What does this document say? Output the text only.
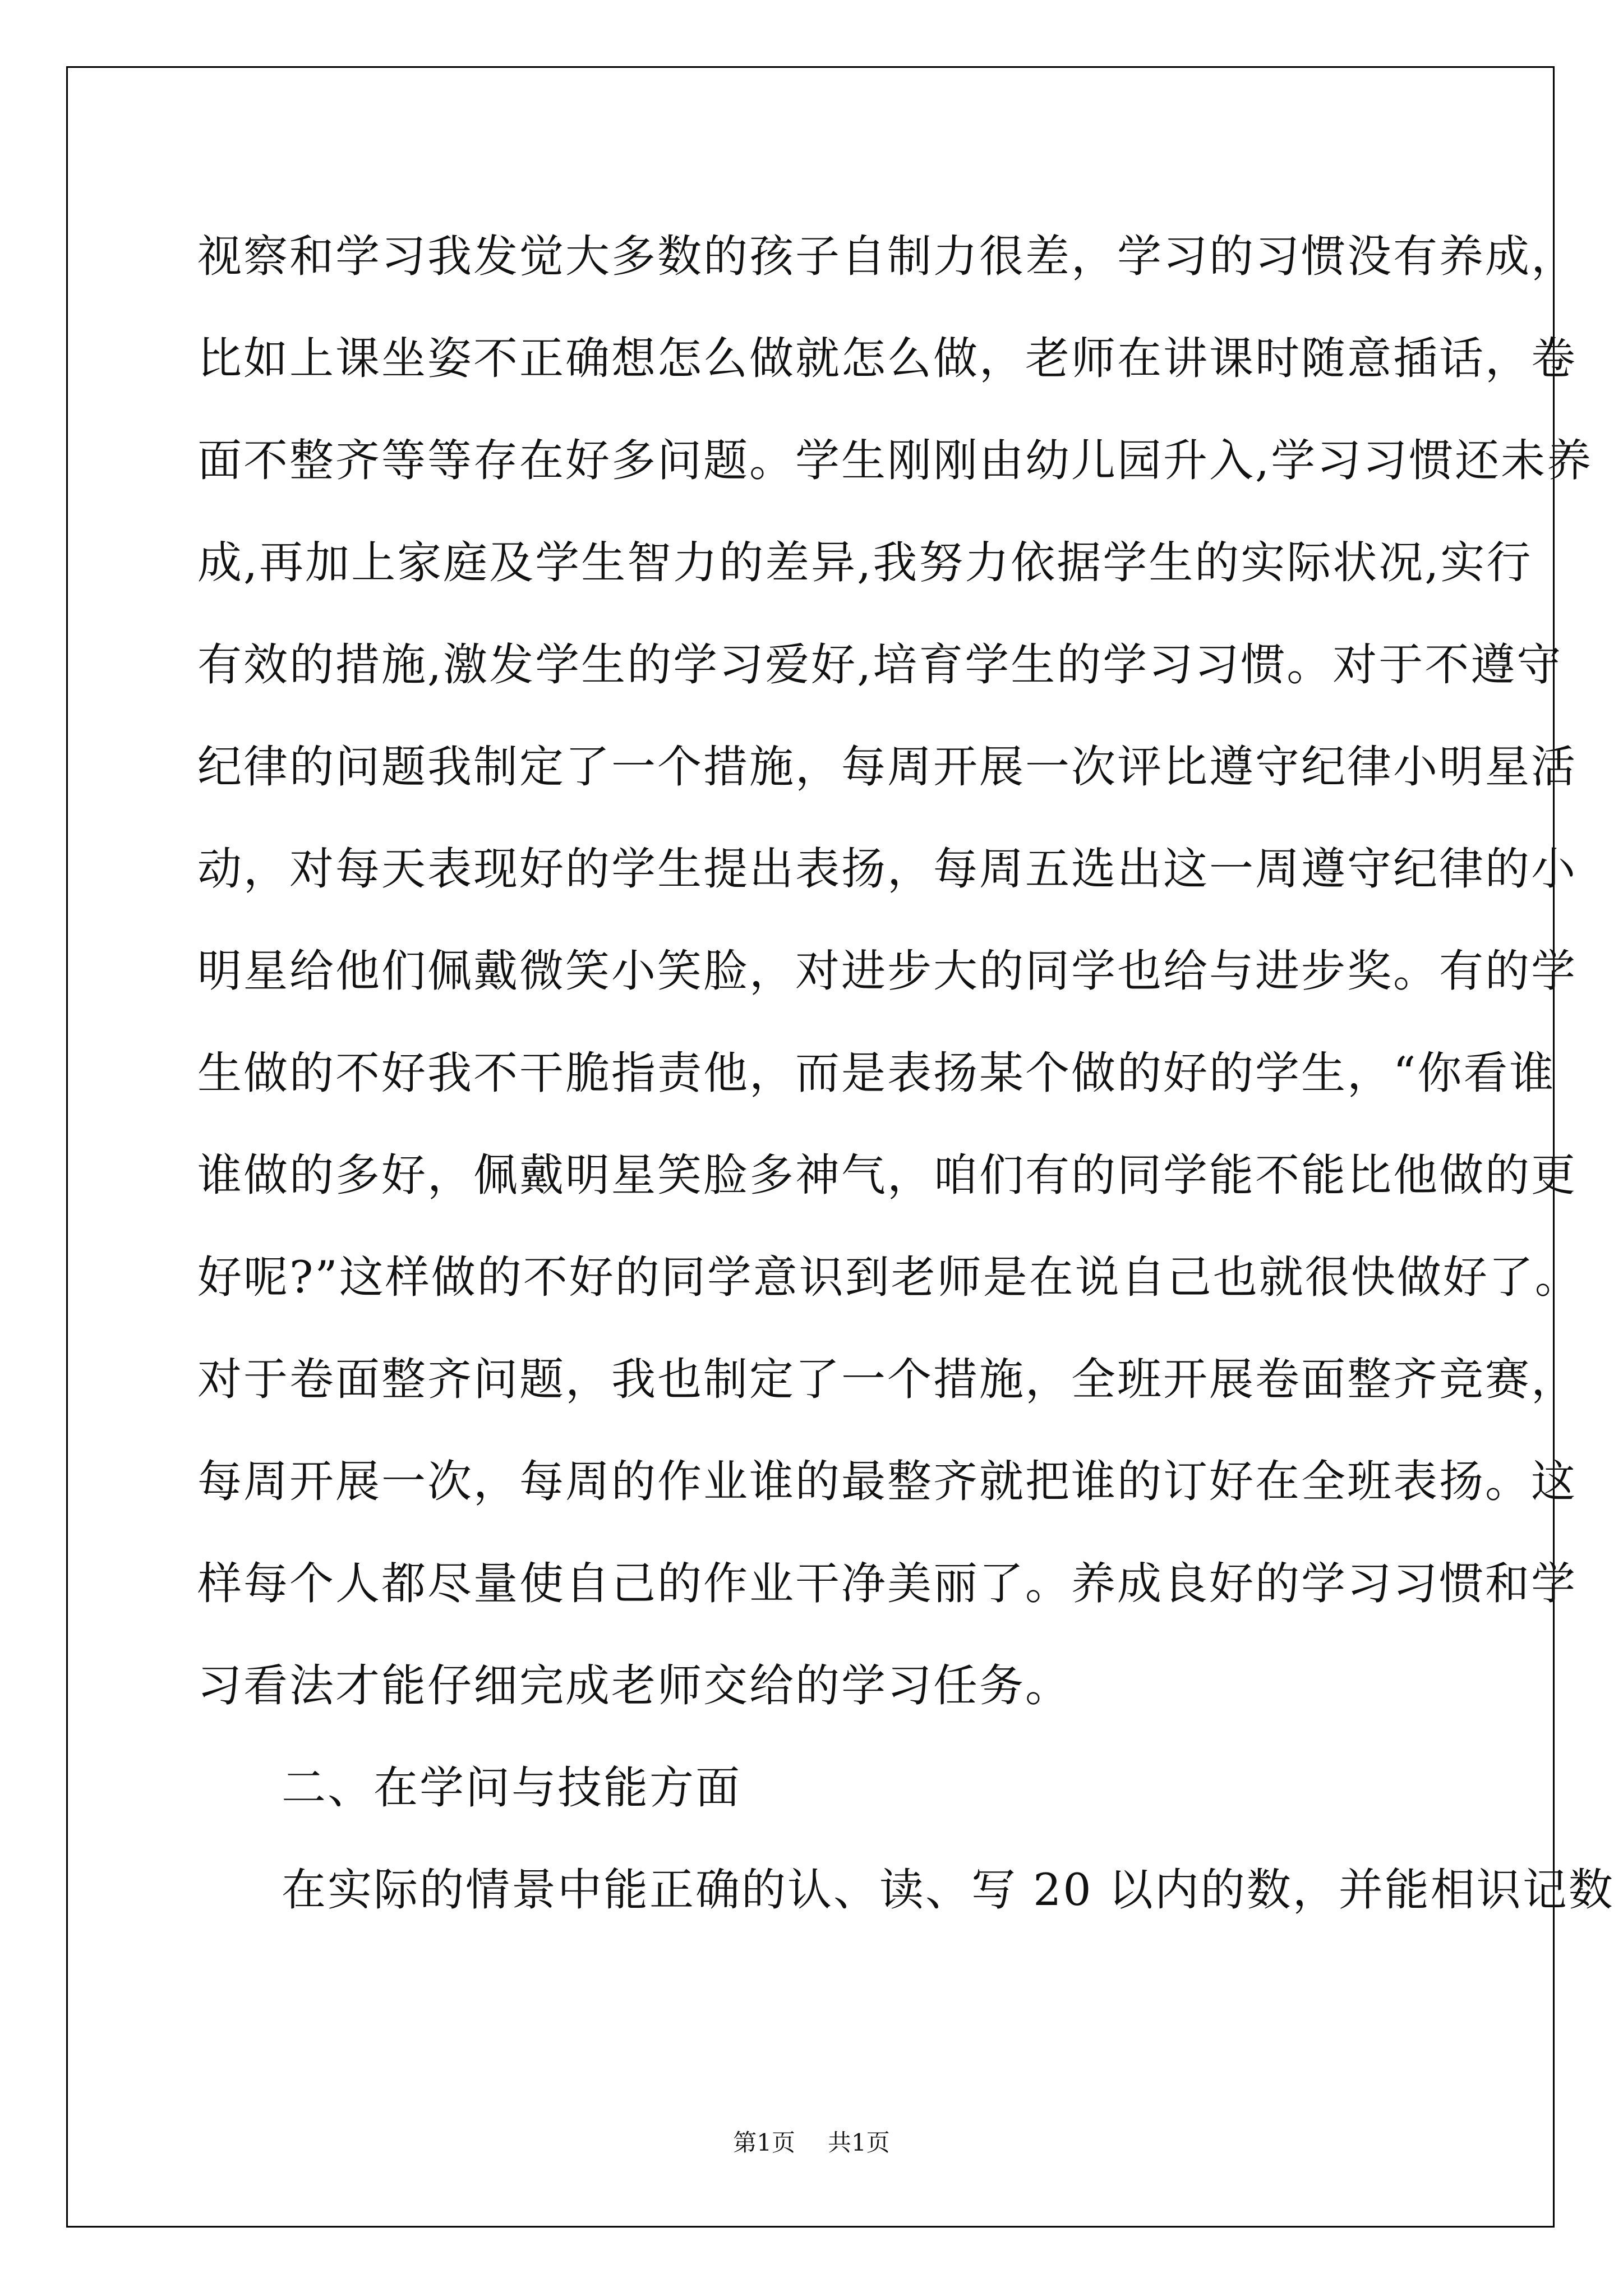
视察和学习我发觉大多数的孩子自制力很差，学习的习惯没有养成，
比如上课坐姿不正确想怎么做就怎么做，老师在讲课时随意插话，卷
面不整齐等等存在好多问题。学生刚刚由幼儿园升入,学习习惯还未养
成,再加上家庭及学生智力的差异,我努力依据学生的实际状况,实行
有效的措施,激发学生的学习爱好,培育学生的学习习惯。对于不遵守
纪律的问题我制定了一个措施，每周开展一次评比遵守纪律小明星活
动，对每天表现好的学生提出表扬，每周五选出这一周遵守纪律的小
明星给他们佩戴微笑小笑脸，对进步大的同学也给与进步奖。有的学
生做的不好我不干脆指责他，而是表扬某个做的好的学生，“你看谁
谁做的多好，佩戴明星笑脸多神气，咱们有的同学能不能比他做的更
好呢?”这样做的不好的同学意识到老师是在说自己也就很快做好了。
对于卷面整齐问题，我也制定了一个措施，全班开展卷面整齐竞赛，
每周开展一次，每周的作业谁的最整齐就把谁的订好在全班表扬。这
样每个人都尽量使自己的作业干净美丽了。养成良好的学习习惯和学
习看法才能仔细完成老师交给的学习任务。
二、在学问与技能方面
在实际的情景中能正确的认、读、写 20 以内的数，并能相识记数
第1页 共1页
